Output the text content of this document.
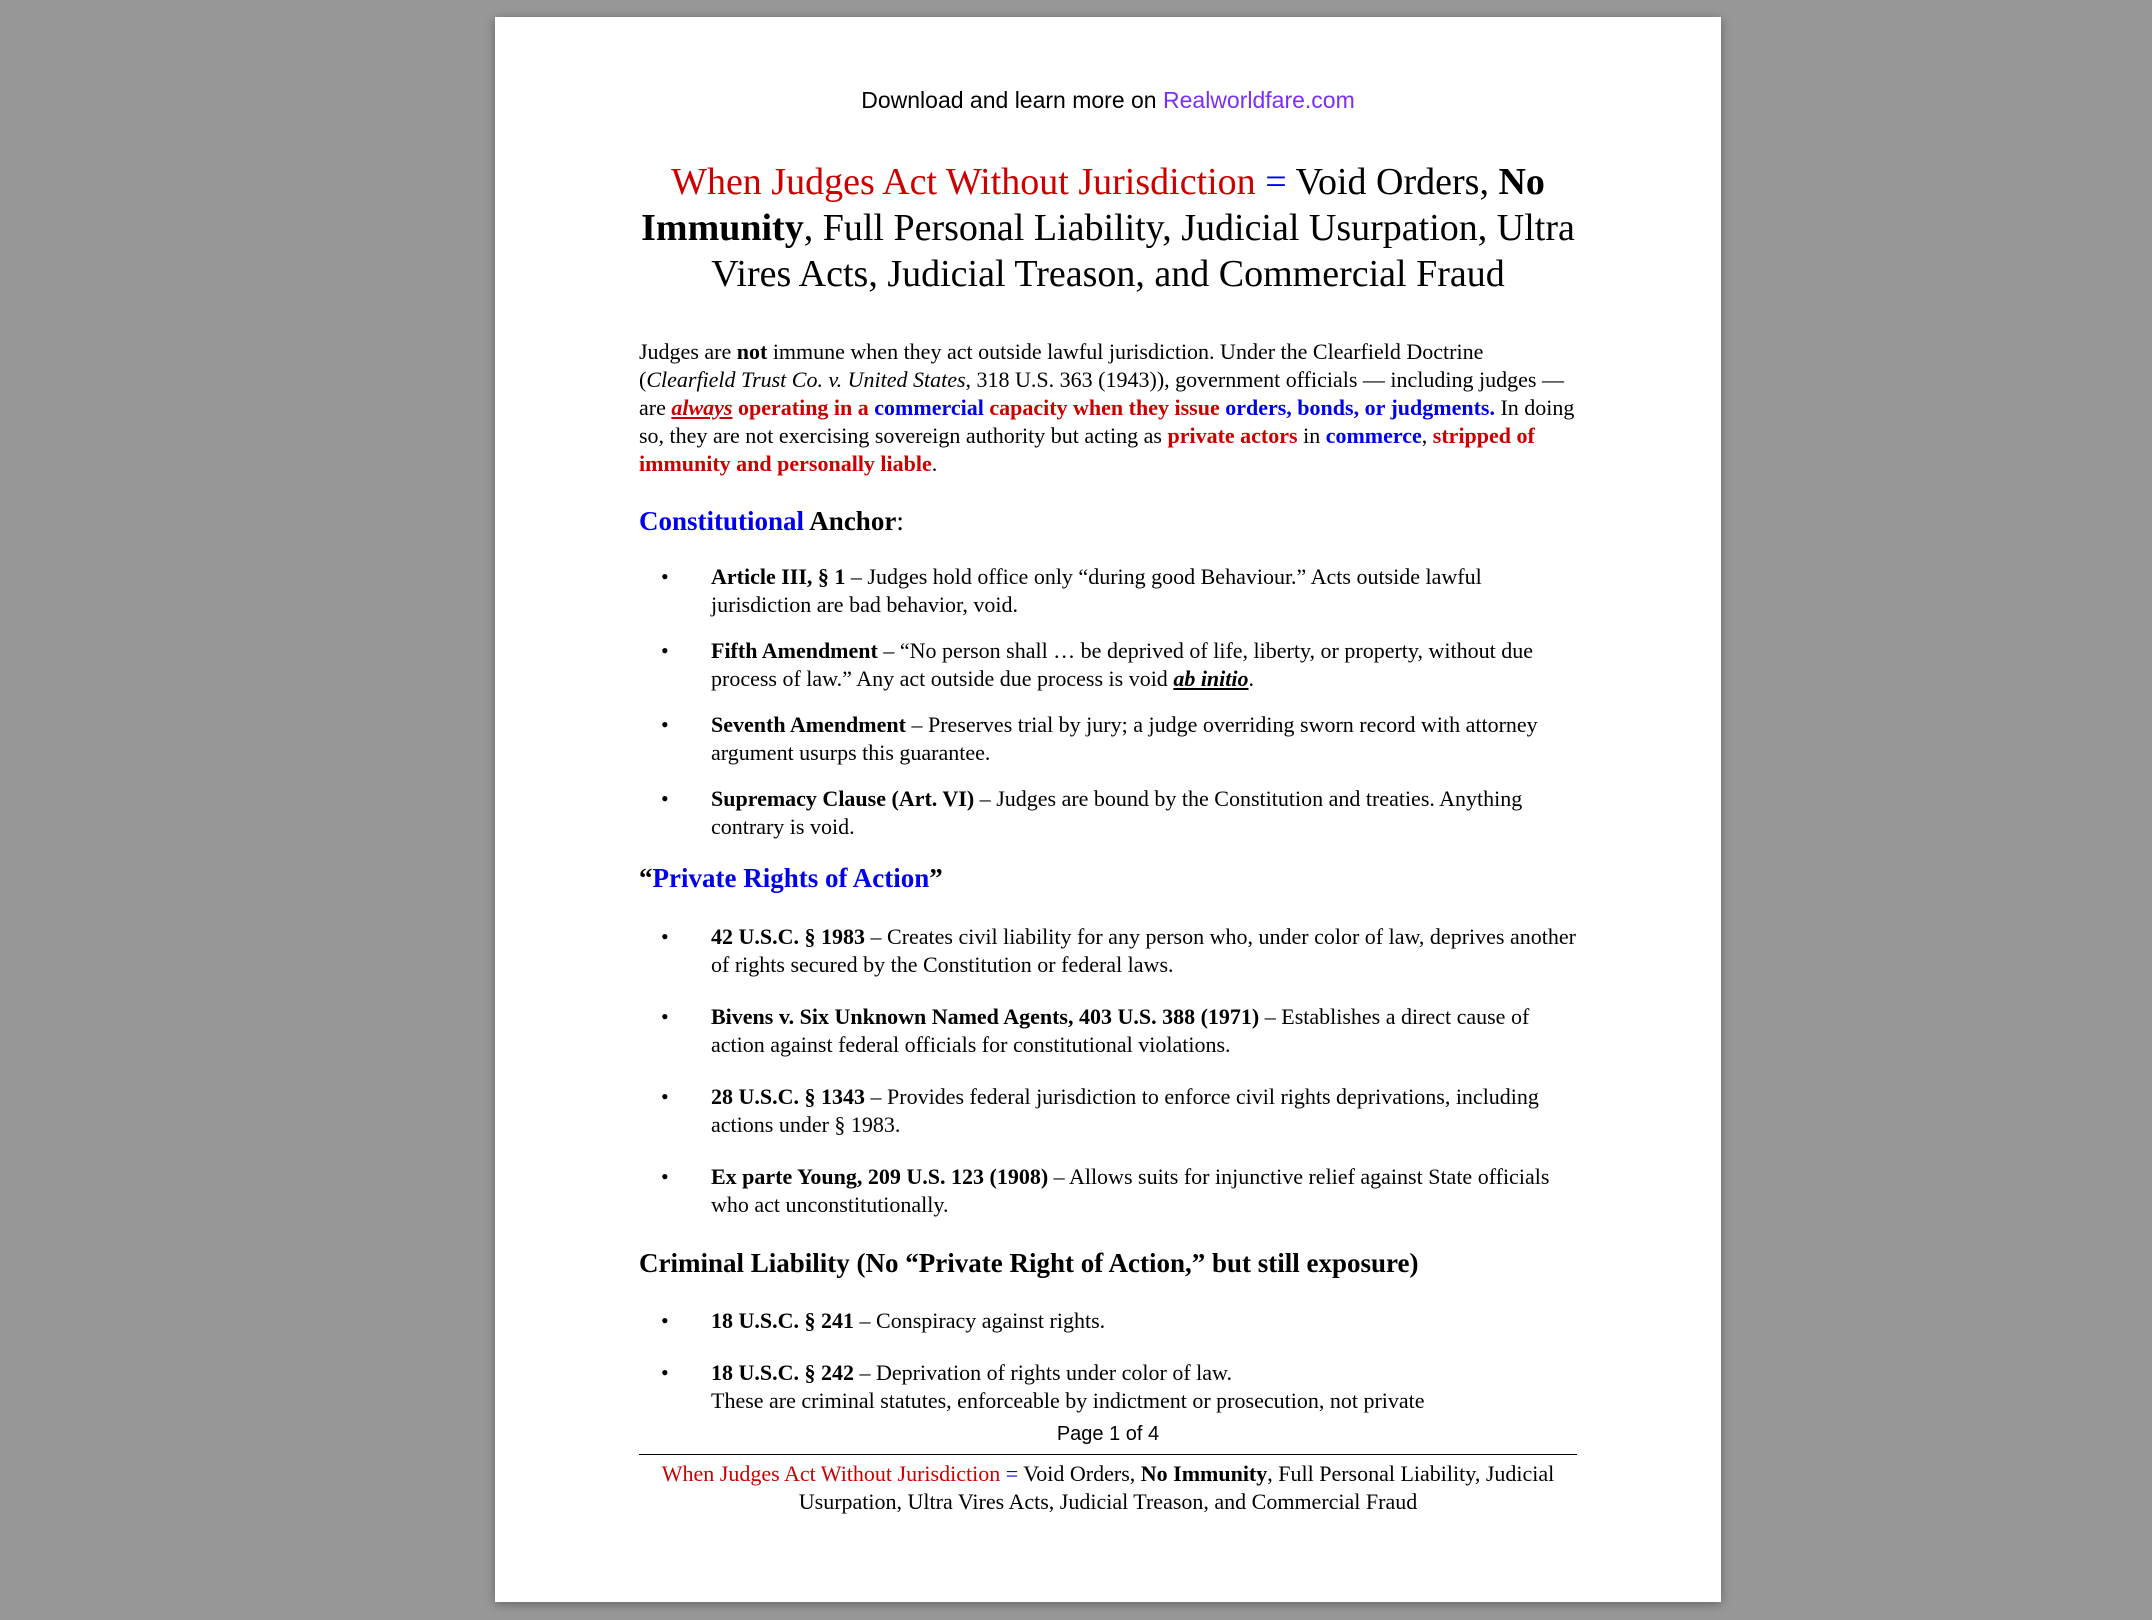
Download and learn more on Realworldfare.com
When Judges Act Without Jurisdiction = Void Orders, No Immunity, Full Personal Liability, Judicial Usurpation, Ultra Vires Acts, Judicial Treason, and Commercial Fraud
Judges are not immune when they act outside lawful jurisdiction. Under the Clearfield Doctrine (Clearfield Trust Co. v. United States, 318 U.S. 363 (1943)), government officials — including judges — are always operating in a commercial capacity when they issue orders, bonds, or judgments. In doing so, they are not exercising sovereign authority but acting as private actors in commerce, stripped of immunity and personally liable.
Constitutional Anchor:
• Article III, § 1 – Judges hold office only “during good Behaviour.” Acts outside lawful jurisdiction are bad behavior, void.
• Fifth Amendment – “No person shall … be deprived of life, liberty, or property, without due process of law.” Any act outside due process is void ab initio.
• Seventh Amendment – Preserves trial by jury; a judge overriding sworn record with attorney argument usurps this guarantee.
• Supremacy Clause (Art. VI) – Judges are bound by the Constitution and treaties. Anything contrary is void.
“Private Rights of Action”
• 42 U.S.C. § 1983 – Creates civil liability for any person who, under color of law, deprives another of rights secured by the Constitution or federal laws.
• Bivens v. Six Unknown Named Agents, 403 U.S. 388 (1971) – Establishes a direct cause of action against federal officials for constitutional violations.
• 28 U.S.C. § 1343 – Provides federal jurisdiction to enforce civil rights deprivations, including actions under § 1983.
• Ex parte Young, 209 U.S. 123 (1908) – Allows suits for injunctive relief against State officials who act unconstitutionally.
Criminal Liability (No “Private Right of Action,” but still exposure)
• 18 U.S.C. § 241 – Conspiracy against rights.
• 18 U.S.C. § 242 – Deprivation of rights under color of law.
These are criminal statutes, enforceable by indictment or prosecution, not private
Page 1 of 4
When Judges Act Without Jurisdiction = Void Orders, No Immunity, Full Personal Liability, Judicial Usurpation, Ultra Vires Acts, Judicial Treason, and Commercial Fraud
